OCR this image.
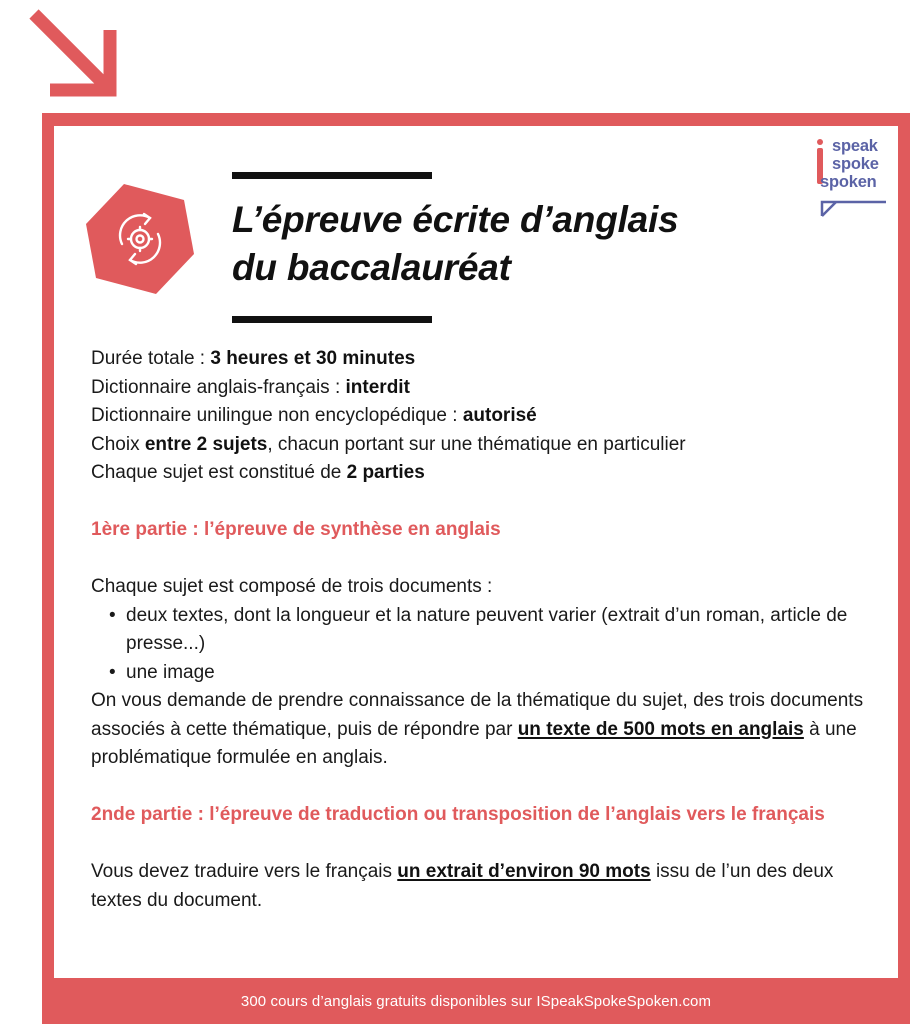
speak
spoke
spoken
L’épreuve écrite d’anglais
du baccalauréat

Durée totale : 3 heures et 30 minutes

Dictionnaire anglais-français : interdit

Dictionnaire unilingue non encyclopédique : autorisé

Choix entre 2 sujets, chacun portant sur une thématique en particulier

Chaque sujet est constitué de 2 parties

1ère partie : l’épreuve de synthèse en anglais

Chaque sujet est composé de trois documents :

• deux textes, dont la longueur et la nature peuvent varier (extrait d’un roman, article de presse...)
• une image

On vous demande de prendre connaissance de la thématique du sujet, des trois documents associés à cette thématique, puis de répondre par un texte de 500 mots en anglais à une problématique formulée en anglais.

2nde partie : l’épreuve de traduction ou transposition de l’anglais vers le français

Vous devez traduire vers le français un extrait d’environ 90 mots issu de l’un des deux textes du document.

300 cours d’anglais gratuits disponibles sur ISpeakSpokeSpoken.com
